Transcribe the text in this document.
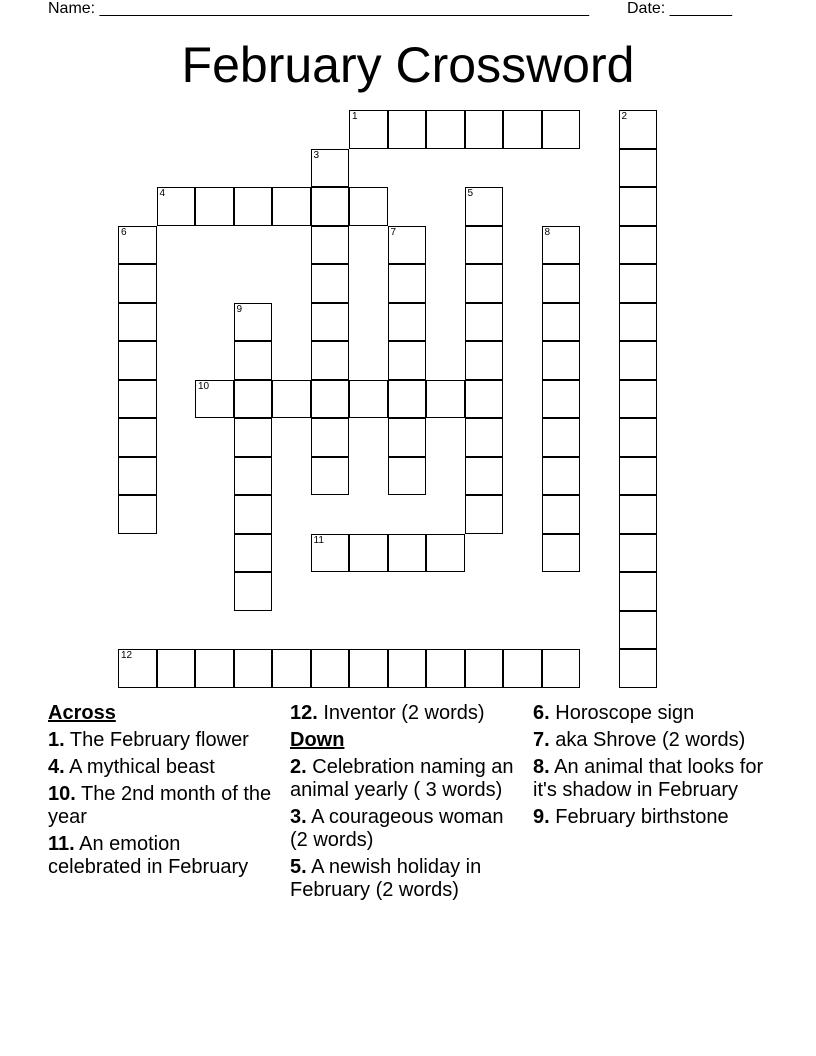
Name: _______________________________________________________ Date: _______
February Crossword
1	2
3
4	5
6	7	8
9
10
11
12
Across
1. The February flower
4. A mythical beast
10. The 2nd month of the year
11. An emotion celebrated in February
12. Inventor (2 words)
Down
2. Celebration naming an animal yearly ( 3 words)
3. A courageous woman (2 words)
5. A newish holiday in February (2 words)
6. Horoscope sign
7. aka Shrove (2 words)
8. An animal that looks for it's shadow in February
9. February birthstone
